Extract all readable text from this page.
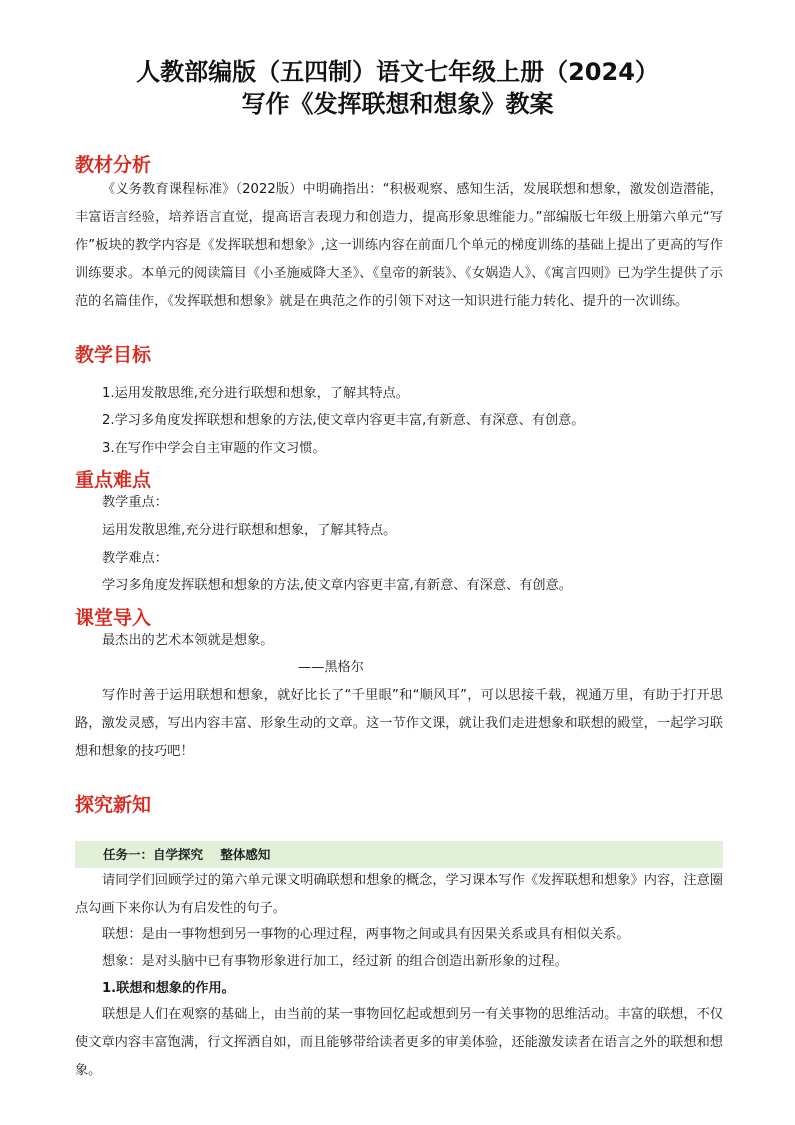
人教部编版（五四制）语文七年级上册（2024）
写作《发挥联想和想象》教案
教材分析
《义务教育课程标准》（2022版）中明确指出：“积极观察、感知生活，发展联想和想象，激发创造潜能，丰富语言经验，培养语言直觉，提高语言表现力和创造力，提高形象思维能力。”部编版七年级上册第六单元“写作”板块的教学内容是《发挥联想和想象》,这一训练内容在前面几个单元的梯度训练的基础上提出了更高的写作训练要求。本单元的阅读篇目《小圣施威降大圣》、《皇帝的新装》、《女娲造人》、《寓言四则》已为学生提供了示范的名篇佳作，《发挥联想和想象》就是在典范之作的引领下对这一知识进行能力转化、提升的一次训练。
教学目标
1.运用发散思维,充分进行联想和想象，了解其特点。
2.学习多角度发挥联想和想象的方法,使文章内容更丰富,有新意、有深意、有创意。
3.在写作中学会自主审题的作文习惯。
重点难点
教学重点：
运用发散思维,充分进行联想和想象，了解其特点。
教学难点：
学习多角度发挥联想和想象的方法,使文章内容更丰富,有新意、有深意、有创意。
课堂导入
最杰出的艺术本领就是想象。
——黑格尔
写作时善于运用联想和想象，就好比长了“千里眼”和“顺风耳”，可以思接千载，视通万里，有助于打开思路，激发灵感，写出内容丰富、形象生动的文章。这一节作文课，就让我们走进想象和联想的殿堂，一起学习联想和想象的技巧吧！
探究新知
任务一：自学探究    整体感知
请同学们回顾学过的第六单元课文明确联想和想象的概念，学习课本写作《发挥联想和想象》内容，注意圈点勾画下来你认为有启发性的句子。
联想：是由一事物想到另一事物的心理过程，两事物之间或具有因果关系或具有相似关系。
想象：是对头脑中已有事物形象进行加工，经过新 的组合创造出新形象的过程。
1.联想和想象的作用。
联想是人们在观察的基础上，由当前的某一事物回忆起或想到另一有关事物的思维活动。丰富的联想，不仅使文章内容丰富饱满，行文挥洒自如，而且能够带给读者更多的审美体验，还能激发读者在语言之外的联想和想象。
